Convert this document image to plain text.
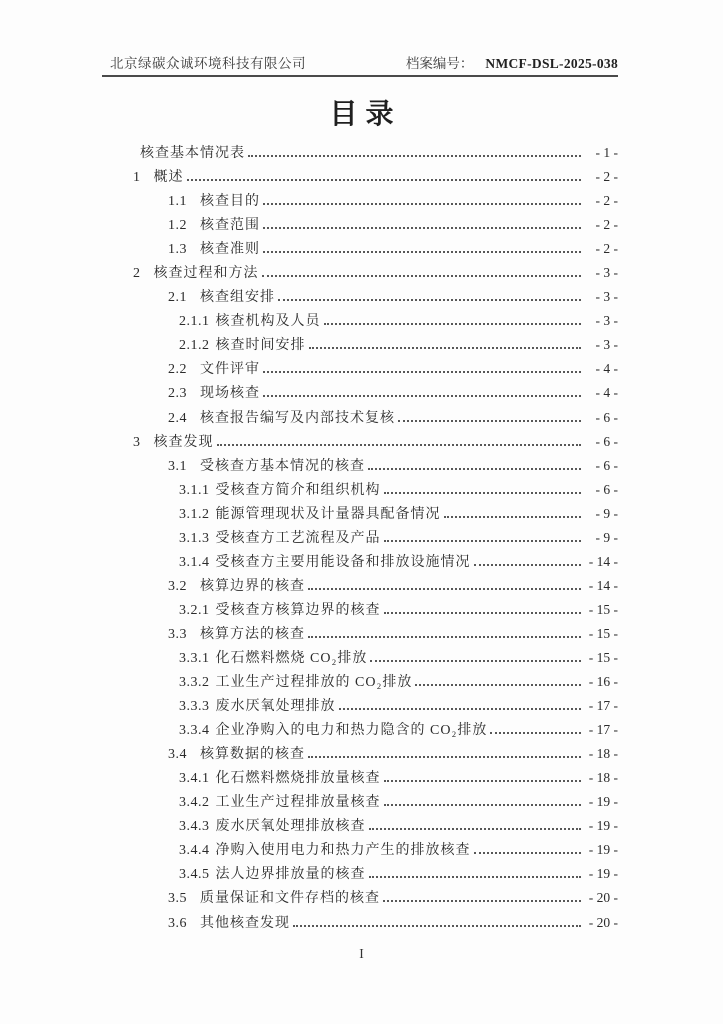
北京绿碳众诚环境科技有限公司	档案编号： NMCF-DSL-2025-038
目录
核查基本情况表	- 1 -
1 概述	- 2 -
1.1 核查目的	- 2 -
1.2 核查范围	- 2 -
1.3 核查准则	- 2 -
2 核查过程和方法	- 3 -
2.1 核查组安排	- 3 -
2.1.1 核查机构及人员	- 3 -
2.1.2 核查时间安排	- 3 -
2.2 文件评审	- 4 -
2.3 现场核查	- 4 -
2.4 核查报告编写及内部技术复核	- 6 -
3 核查发现	- 6 -
3.1 受核查方基本情况的核查	- 6 -
3.1.1 受核查方简介和组织机构	- 6 -
3.1.2 能源管理现状及计量器具配备情况	- 9 -
3.1.3 受核查方工艺流程及产品	- 9 -
3.1.4 受核查方主要用能设备和排放设施情况	- 14 -
3.2 核算边界的核查	- 14 -
3.2.1 受核查方核算边界的核查	- 15 -
3.3 核算方法的核查	- 15 -
3.3.1 化石燃料燃烧 CO₂排放	- 15 -
3.3.2 工业生产过程排放的 CO₂排放	- 16 -
3.3.3 废水厌氧处理排放	- 17 -
3.3.4 企业净购入的电力和热力隐含的 CO₂排放	- 17 -
3.4 核算数据的核查	- 18 -
3.4.1 化石燃料燃烧排放量核查	- 18 -
3.4.2 工业生产过程排放量核查	- 19 -
3.4.3 废水厌氧处理排放核查	- 19 -
3.4.4 净购入使用电力和热力产生的排放核查	- 19 -
3.4.5 法人边界排放量的核查	- 19 -
3.5 质量保证和文件存档的核查	- 20 -
3.6 其他核查发现	- 20 -
I
